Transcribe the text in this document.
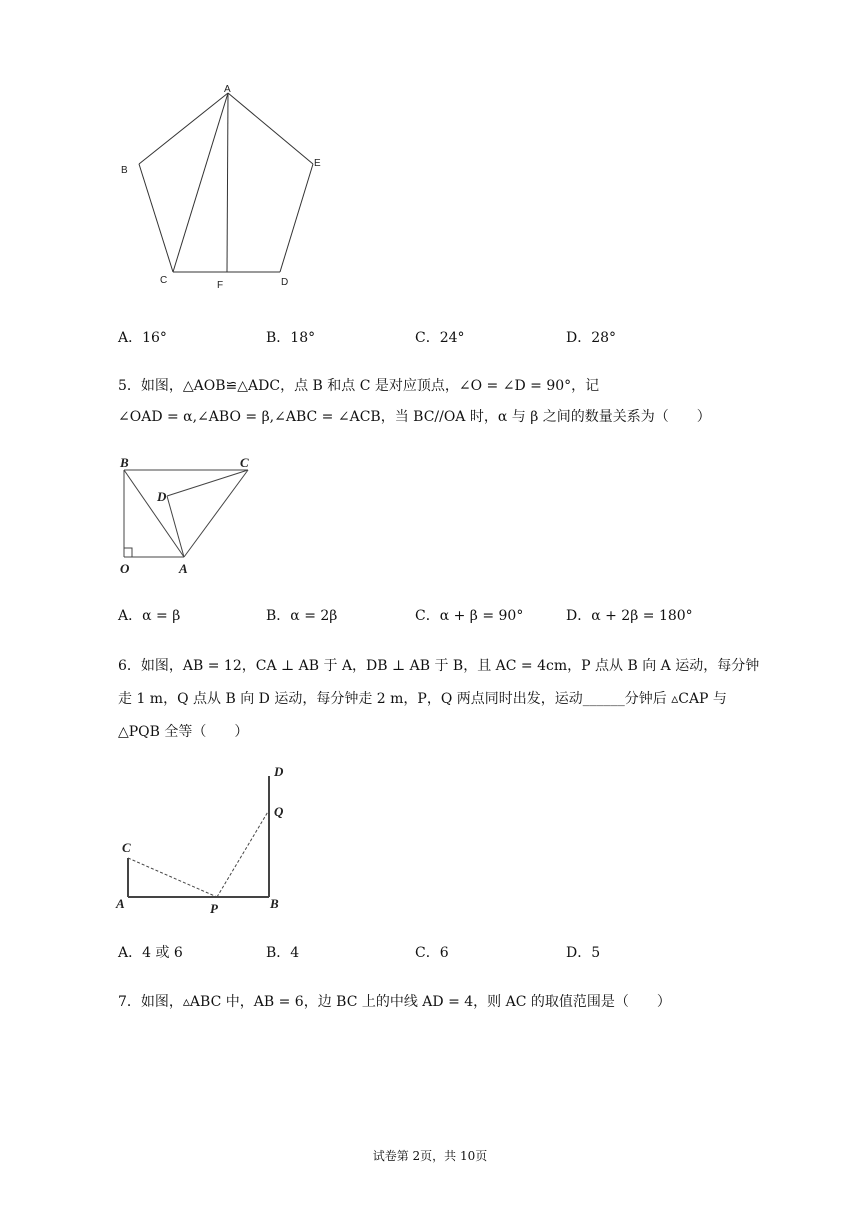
A
B
C	D
E
F
A．16°	B．18°	C．24°	D．28°
5．如图，△AOB≌△ADC，点 B 和点 C 是对应顶点，∠O = ∠D = 90°，记
∠OAD = α,∠ABO = β,∠ABC = ∠ACB，当 BC//OA 时，α 与 β 之间的数量关系为（　　）
B	C
D
O	A
A．α = β	B．α = 2β	C．α + β = 90°	D．α + 2β = 180°
6．如图，AB = 12，CA ⊥ AB 于 A，DB ⊥ AB 于 B，且 AC = 4cm，P 点从 B 向 A 运动，每分钟
走 1 m，Q 点从 B 向 D 运动，每分钟走 2 m，P，Q 两点同时出发，运动______分钟后 ▵CAP 与
△PQB 全等（　　）
D
Q
C
A	P	B
A．4 或 6	B．4	C．6	D．5
7．如图，▵ABC 中，AB = 6，边 BC 上的中线 AD = 4，则 AC 的取值范围是（　　）
试卷第 2页，共 10页
